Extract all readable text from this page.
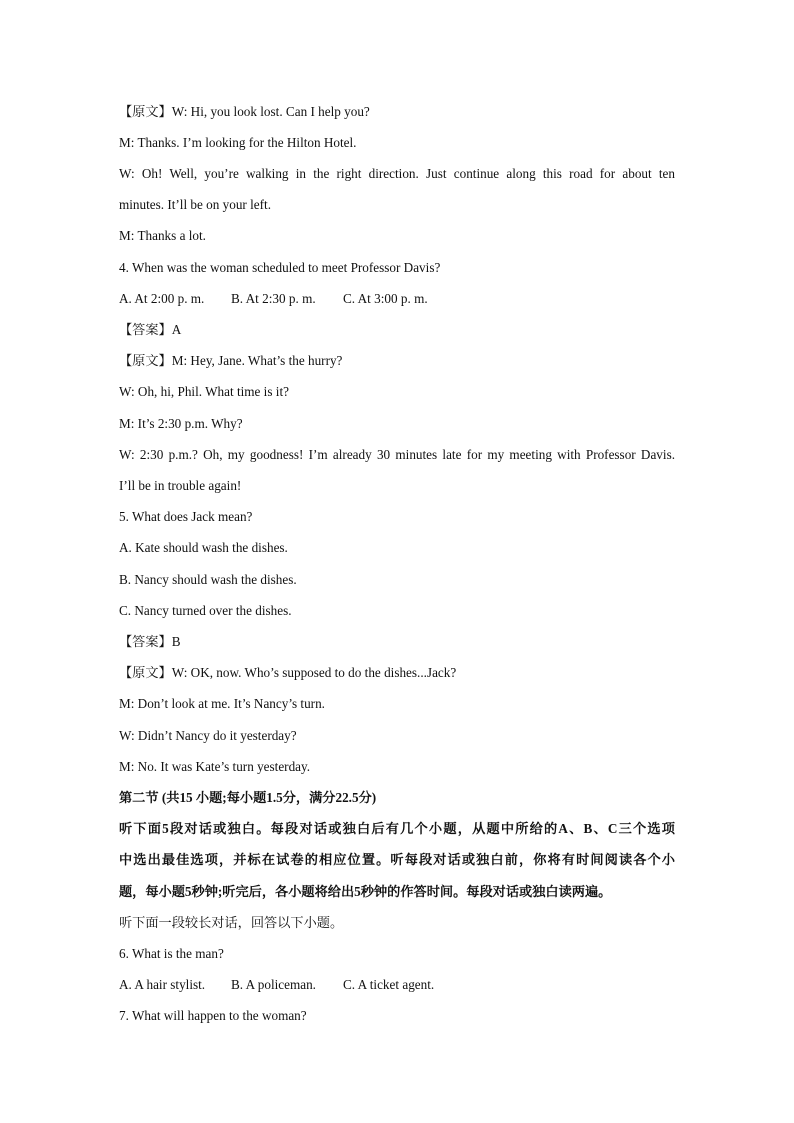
【原文】W: Hi, you look lost. Can I help you?
M: Thanks. I’m looking for the Hilton Hotel.
W: Oh! Well, you’re walking in the right direction. Just continue along this road for about ten
minutes. It’ll be on your left.
M: Thanks a lot.
4. When was the woman scheduled to meet Professor Davis?
A. At 2:00 p. m. B. At 2:30 p. m. C. At 3:00 p. m.
【答案】A
【原文】M: Hey, Jane. What’s the hurry?
W: Oh, hi, Phil. What time is it?
M: It’s 2:30 p.m. Why?
W: 2:30 p.m.? Oh, my goodness! I’m already 30 minutes late for my meeting with Professor Davis.
I’ll be in trouble again!
5. What does Jack mean?
A. Kate should wash the dishes.
B. Nancy should wash the dishes.
C. Nancy turned over the dishes.
【答案】B
【原文】W: OK, now. Who’s supposed to do the dishes...Jack?
M: Don’t look at me. It’s Nancy’s turn.
W: Didn’t Nancy do it yesterday?
M: No. It was Kate’s turn yesterday.
第二节 (共15 小题;每小题1.5分，满分22.5分)
听下面5段对话或独白。每段对话或独白后有几个小题，从题中所给的A、B、C三个选项
中选出最佳选项，并标在试卷的相应位置。听每段对话或独白前，你将有时间阅读各个小
题，每小题5秒钟;听完后，各小题将给出5秒钟的作答时间。每段对话或独白读两遍。
听下面一段较长对话，回答以下小题。
6. What is the man?
A. A hair stylist. B. A policeman. C. A ticket agent.
7. What will happen to the woman?
